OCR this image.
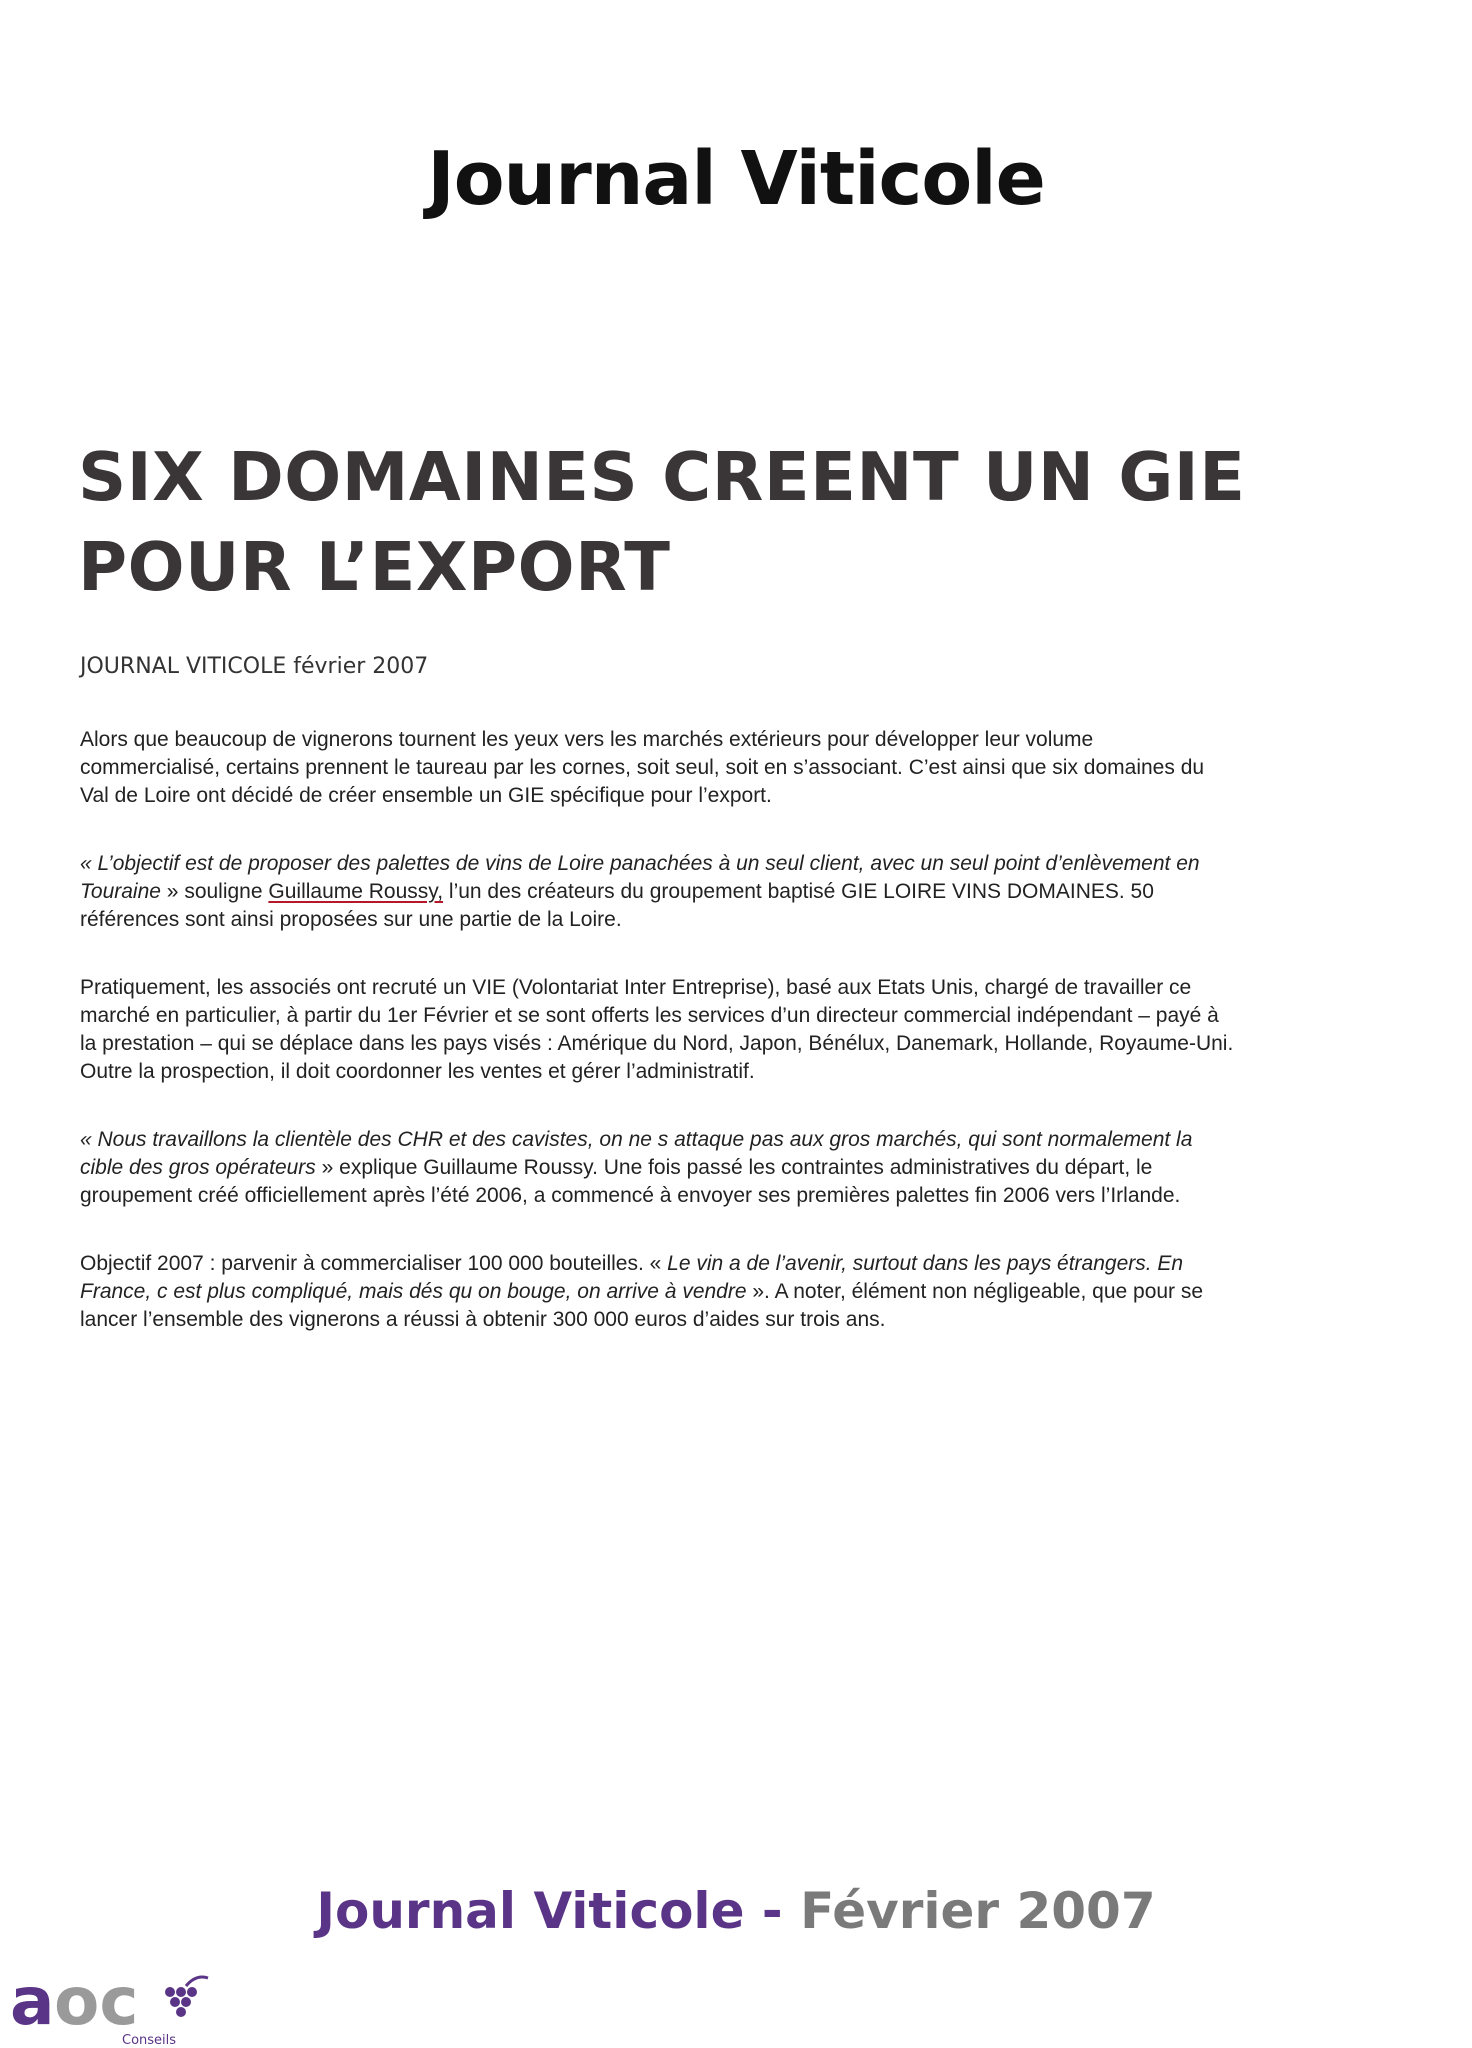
Journal Viticole
SIX DOMAINES CREENT UN GIE
POUR L’EXPORT
JOURNAL VITICOLE février 2007

Alors que beaucoup de vignerons tournent les yeux vers les marchés extérieurs pour développer leur volume
commercialisé, certains prennent le taureau par les cornes, soit seul, soit en s’associant. C’est ainsi que six domaines du
Val de Loire ont décidé de créer ensemble un GIE spécifique pour l’export.

« L’objectif est de proposer des palettes de vins de Loire panachées à un seul client, avec un seul point d’enlèvement en
Touraine » souligne Guillaume Roussy, l’un des créateurs du groupement baptisé GIE LOIRE VINS DOMAINES. 50
références sont ainsi proposées sur une partie de la Loire.

Pratiquement, les associés ont recruté un VIE (Volontariat Inter Entreprise), basé aux Etats Unis, chargé de travailler ce
marché en particulier, à partir du 1er Février et se sont offerts les services d’un directeur commercial indépendant – payé à
la prestation – qui se déplace dans les pays visés : Amérique du Nord, Japon, Bénélux, Danemark, Hollande, Royaume-Uni.
Outre la prospection, il doit coordonner les ventes et gérer l’administratif.

« Nous travaillons la clientèle des CHR et des cavistes, on ne s attaque pas aux gros marchés, qui sont normalement la
cible des gros opérateurs » explique Guillaume Roussy. Une fois passé les contraintes administratives du départ, le
groupement créé officiellement après l’été 2006, a commencé à envoyer ses premières palettes fin 2006 vers l’Irlande.

Objectif 2007 : parvenir à commercialiser 100 000 bouteilles. « Le vin a de l’avenir, surtout dans les pays étrangers. En
France, c est plus compliqué, mais dés qu on bouge, on arrive à vendre ». A noter, élément non négligeable, que pour se
lancer l’ensemble des vignerons a réussi à obtenir 300 000 euros d’aides sur trois ans.

Journal Viticole - Février 2007
a oc
Conseils
